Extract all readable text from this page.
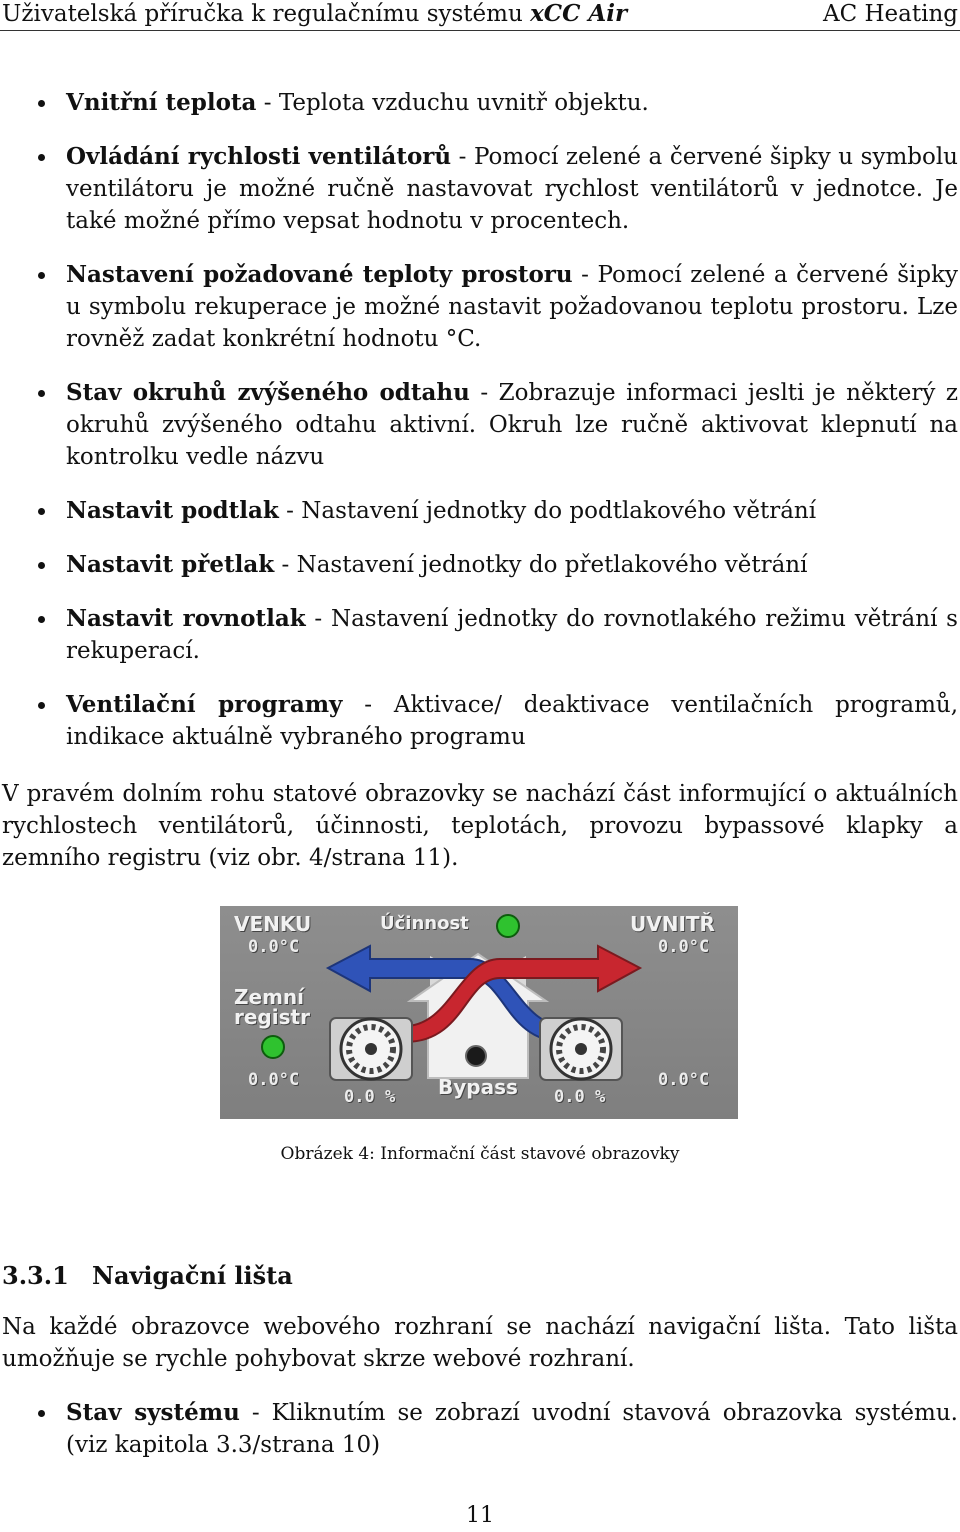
Uživatelská příručka k regulačnímu systému xCC Air	AC Heating
Vnitřní teplota - Teplota vzduchu uvnitř objektu.
Ovládání rychlosti ventilátorů - Pomocí zelené a červené šipky u symbolu ventilátoru je možné ručně nastavovat rychlost ventilátorů v jednotce. Je také možné přímo vepsat hodnotu v procentech.
Nastavení požadované teploty prostoru - Pomocí zelené a červené šipky u symbolu rekuperace je možné nastavit požadovanou teplotu prostoru. Lze rovněž zadat konkrétní hodnotu °C.
Stav okruhů zvýšeného odtahu - Zobrazuje informaci jeslti je některý z okruhů zvýšeného odtahu aktivní. Okruh lze ručně aktivovat klepnutí na kontrolku vedle názvu
Nastavit podtlak - Nastavení jednotky do podtlakového větrání
Nastavit přetlak - Nastavení jednotky do přetlakového větrání
Nastavit rovnotlak - Nastavení jednotky do rovnotlakého režimu větrání s rekuperací.
Ventilační programy - Aktivace/ deaktivace ventilačních programů, indikace aktuálně vybraného programu
V pravém dolním rohu statové obrazovky se nachází část informující o aktuálních rychlostech ventilátorů, účinnosti, teplotách, provozu bypassové klapky a zemního registru (viz obr. 4/strana 11).
VENKU
0.0°C
Účinnost	UVNITŘ
0.0°C
Zemní
registr
0.0°C
0.0 % Bypass 0.0 %
0.0°C
Obrázek 4: Informační část stavové obrazovky
3.3.1 Navigační lišta
Na každé obrazovce webového rozhraní se nachází navigační lišta. Tato lišta umožňuje se rychle pohybovat skrze webové rozhraní.
Stav systému - Kliknutím se zobrazí uvodní stavová obrazovka systému. (viz kapitola 3.3/strana 10)
11
